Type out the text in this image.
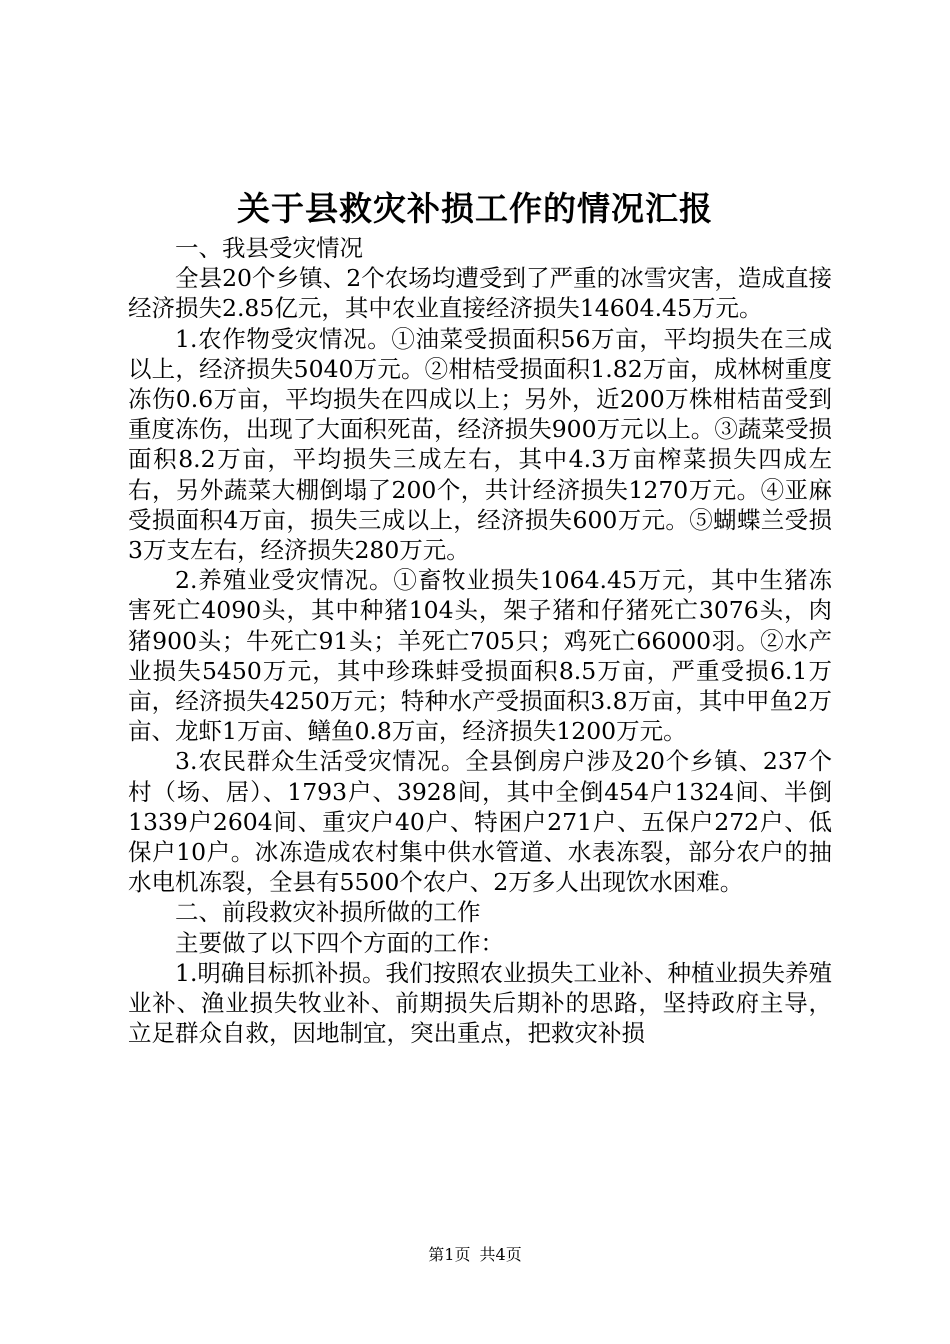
关于县救灾补损工作的情况汇报

一、我县受灾情况

全县20个乡镇、2个农场均遭受到了严重的冰雪灾害，造成直接经济损失2.85亿元，其中农业直接经济损失14604.45万元。

1.农作物受灾情况。①油菜受损面积56万亩，平均损失在三成以上，经济损失5040万元。②柑桔受损面积1.82万亩，成林树重度冻伤0.6万亩，平均损失在四成以上；另外，近200万株柑桔苗受到重度冻伤，出现了大面积死苗，经济损失900万元以上。③蔬菜受损面积8.2万亩，平均损失三成左右，其中4.3万亩榨菜损失四成左右，另外蔬菜大棚倒塌了200个，共计经济损失1270万元。④亚麻受损面积4万亩，损失三成以上，经济损失600万元。⑤蝴蝶兰受损3万支左右，经济损失280万元。

2.养殖业受灾情况。①畜牧业损失1064.45万元，其中生猪冻害死亡4090头，其中种猪104头，架子猪和仔猪死亡3076头，肉猪900头；牛死亡91头；羊死亡705只；鸡死亡66000羽。②水产业损失5450万元，其中珍珠蚌受损面积8.5万亩，严重受损6.1万亩，经济损失4250万元；特种水产受损面积3.8万亩，其中甲鱼2万亩、龙虾1万亩、鳝鱼0.8万亩，经济损失1200万元。

3.农民群众生活受灾情况。全县倒房户涉及20个乡镇、237个村（场、居）、1793户、3928间，其中全倒454户1324间、半倒1339户2604间、重灾户40户、特困户271户、五保户272户、低保户10户。冰冻造成农村集中供水管道、水表冻裂，部分农户的抽水电机冻裂，全县有5500个农户、2万多人出现饮水困难。

二、前段救灾补损所做的工作

主要做了以下四个方面的工作：

1.明确目标抓补损。我们按照农业损失工业补、种植业损失养殖业补、渔业损失牧业补、前期损失后期补的思路，坚持政府主导，立足群众自救，因地制宜，突出重点，把救灾补损

第1页 共4页
